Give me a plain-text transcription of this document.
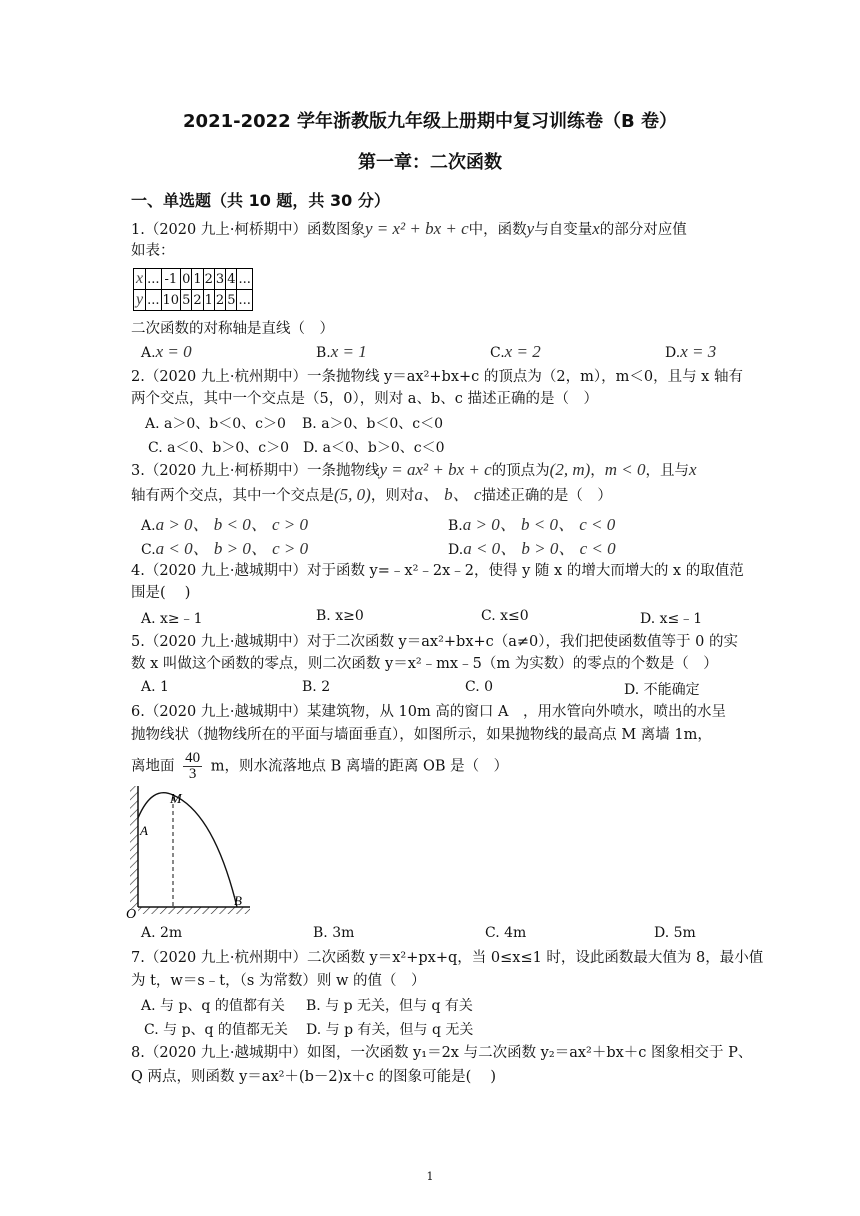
2021-2022 学年浙教版九年级上册期中复习训练卷（B 卷）
第一章：二次函数
一、单选题（共 10 题，共 30 分）
1.（2020 九上·柯桥期中）函数图象y = x² + bx + c中，函数y与自变量x的部分对应值
如表：
x	...	-1	0	1	2	3	4	...
y	...	10	5	2	1	2	5	...
二次函数的对称轴是直线（　）
A.x = 0	B.x = 1	C.x = 2	D.x = 3
2.（2020 九上·杭州期中）一条抛物线 y＝ax²+bx+c 的顶点为（2，m），m＜0，且与 x 轴有
两个交点，其中一个交点是（5，0），则对 a、b、c 描述正确的是（　）
A. a＞0、b＜0、c＞0 B. a＞0、b＜0、c＜0
C. a＜0、b＞0、c＞0 D. a＜0、b＞0、c＜0
3.（2020 九上·柯桥期中）一条抛物线y = ax² + bx + c的顶点为(2, m)，m < 0，且与x
轴有两个交点，其中一个交点是(5, 0)，则对a、 b、 c描述正确的是（　）
A.a > 0、 b < 0、 c > 0	B.a > 0、 b < 0、 c < 0
C.a < 0、 b > 0、 c > 0	D.a < 0、 b > 0、 c < 0
4.（2020 九上·越城期中）对于函数 y=﹣x²﹣2x﹣2，使得 y 随 x 的增大而增大的 x 的取值范
围是(　 )
A. x≥﹣1	B. x≥0	C. x≤0	D. x≤﹣1
5.（2020 九上·越城期中）对于二次函数 y＝ax²+bx+c（a≠0），我们把使函数值等于 0 的实
数 x 叫做这个函数的零点，则二次函数 y＝x²﹣mx﹣5（m 为实数）的零点的个数是（　）
A. 1	B. 2	C. 0	D. 不能确定
6.（2020 九上·越城期中）某建筑物，从 10m 高的窗口 A　，用水管向外喷水，喷出的水呈
抛物线状（抛物线所在的平面与墙面垂直），如图所示，如果抛物线的最高点 M 离墙 1m，
离地面 $\frac{40}{3}$ m，则水流落地点 B 离墙的距离 OB 是（　）
M
A
O
B
A. 2m	B. 3m	C. 4m	D. 5m
7.（2020 九上·杭州期中）二次函数 y＝x²+px+q，当 0≤x≤1 时，设此函数最大值为 8，最小值
为 t，w＝s﹣t，（s 为常数）则 w 的值（　）
A. 与 p、q 的值都有关 B. 与 p 无关，但与 q 有关
C. 与 p、q 的值都无关 D. 与 p 有关，但与 q 无关
8.（2020 九上·越城期中）如图，一次函数 y₁＝2x 与二次函数 y₂＝ax²＋bx＋c 图象相交于 P、
Q 两点，则函数 y＝ax²＋(b－2)x＋c 的图象可能是(　 )
1
